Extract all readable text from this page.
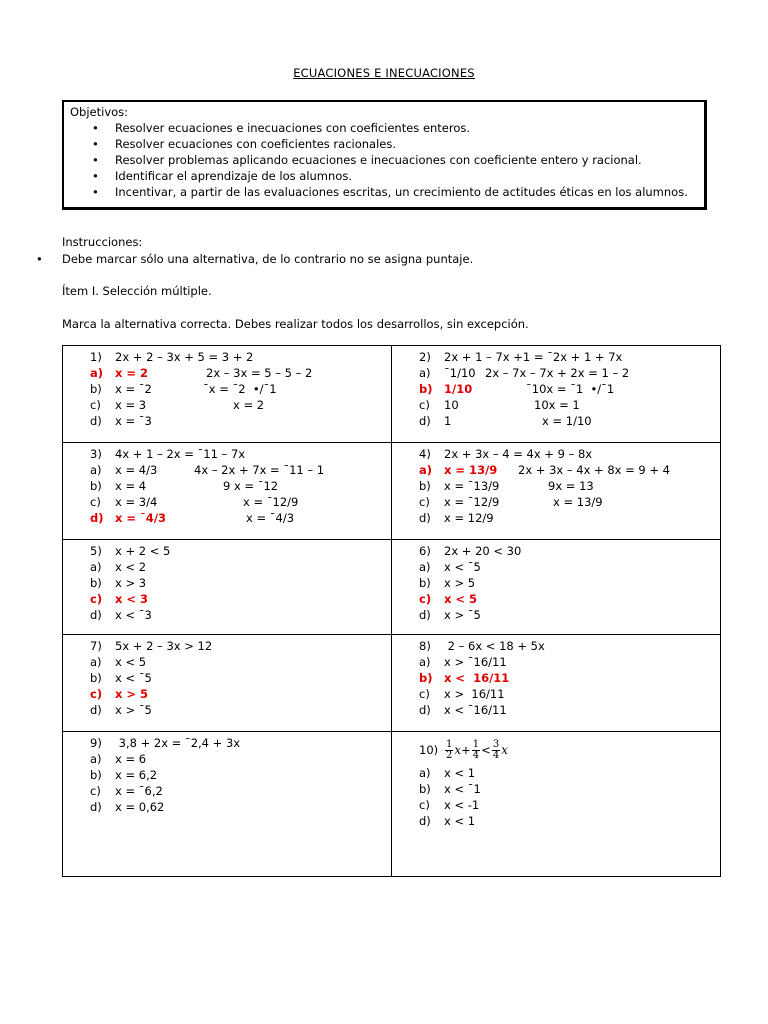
ECUACIONES E INECUACIONES
Objetivos:
• Resolver ecuaciones e inecuaciones con coeficientes enteros.
• Resolver ecuaciones con coeficientes racionales.
• Resolver problemas aplicando ecuaciones e inecuaciones con coeficiente entero y racional.
• Identificar el aprendizaje de los alumnos.
• Incentivar, a partir de las evaluaciones escritas, un crecimiento de actitudes éticas en los alumnos.
Instrucciones:
• Debe marcar sólo una alternativa, de lo contrario no se asigna puntaje.
Ítem I. Selección múltiple.
Marca la alternativa correcta. Debes realizar todos los desarrollos, sin excepción.
1) 2x + 2 – 3x + 5 = 3 + 2
a) x = 2	2x – 3x = 5 – 5 – 2
b) x = ¯2	¯x = ¯2  •/¯1
c) x = 3	x = 2
d) x = ¯3
2) 2x + 1 – 7x +1 = ¯2x + 1 + 7x
a) ¯1/10 2x – 7x – 7x + 2x = 1 – 2
b) 1/10	¯10x = ¯1  •/¯1
c) 10	10x = 1
d) 1	x = 1/10
3) 4x + 1 – 2x = ¯11 – 7x
a) x = 4/3	4x – 2x + 7x = ¯11 – 1
b) x = 4	9 x = ¯12
c) x = 3/4	x = ¯12/9
d) x = ¯4/3	x = ¯4/3
4) 2x + 3x – 4 = 4x + 9 – 8x
a) x = 13/9 2x + 3x – 4x + 8x = 9 + 4
b) x = ¯13/9	9x = 13
c) x = ¯12/9	x = 13/9
d) x = 12/9
5) x + 2 < 5
a) x < 2
b) x > 3
c) x < 3
d) x < ¯3
6) 2x + 20 < 30
a) x < ¯5
b) x > 5
c) x < 5
d) x > ¯5
7) 5x + 2 – 3x > 12
a) x < 5
b) x < ¯5
c) x > 5
d) x > ¯5
8) 2 – 6x < 18 + 5x
a) x > ¯16/11
b) x <  16/11
c) x >  16/11
d) x < ¯16/11
9) 3,8 + 2x = ¯2,4 + 3x
a) x = 6
b) x = 6,2
c) x = ¯6,2
d) x = 0,62
$10) \frac{1}{2} x+ \frac{1}{4} < \frac{3}{4}$ x
a) x < 1
b) x < ¯1
c) x < -1
d) x < 1
